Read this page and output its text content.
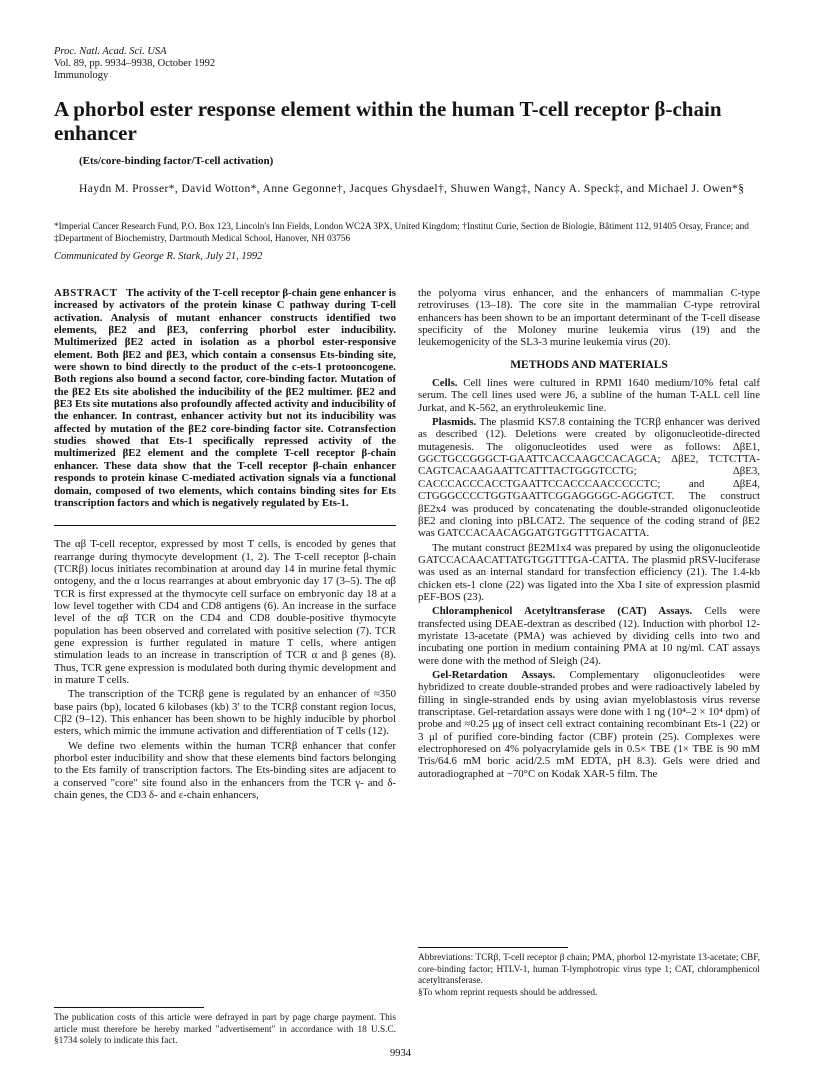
Proc. Natl. Acad. Sci. USA
Vol. 89, pp. 9934–9938, October 1992
Immunology
A phorbol ester response element within the human T-cell receptor β-chain enhancer
(Ets/core-binding factor/T-cell activation)
Haydn M. Prosser*, David Wotton*, Anne Gegonne†, Jacques Ghysdael†, Shuwen Wang‡, Nancy A. Speck‡, and Michael J. Owen*§
*Imperial Cancer Research Fund, P.O. Box 123, Lincoln's Inn Fields, London WC2A 3PX, United Kingdom; †Institut Curie, Section de Biologie, Bâtiment 112, 91405 Orsay, France; and ‡Department of Biochemistry, Dartmouth Medical School, Hanover, NH 03756
Communicated by George R. Stark, July 21, 1992

ABSTRACT The activity of the T-cell receptor β-chain gene enhancer is increased by activators of the protein kinase C pathway during T-cell activation. Analysis of mutant enhancer constructs identified two elements, βE2 and βE3, conferring phorbol ester inducibility. Multimerized βE2 acted in isolation as a phorbol ester-responsive element. Both βE2 and βE3, which contain a consensus Ets-binding site, were shown to bind directly to the product of the c-ets-1 protooncogene. Both regions also bound a second factor, core-binding factor. Mutation of the βE2 Ets site abolished the inducibility of the βE2 multimer. βE2 and βE3 Ets site mutations also profoundly affected activity and inducibility of the enhancer. In contrast, enhancer activity but not its inducibility was affected by mutation of the βE2 core-binding factor site. Cotransfection studies showed that Ets-1 specifically repressed activity of the multimerized βE2 element and the complete T-cell receptor β-chain enhancer. These data show that the T-cell receptor β-chain enhancer responds to protein kinase C-mediated activation signals via a functional domain, composed of two elements, which contains binding sites for Ets transcription factors and which is negatively regulated by Ets-1.

The αβ T-cell receptor, expressed by most T cells, is encoded by genes that rearrange during thymocyte development (1, 2). The T-cell receptor β-chain (TCRβ) locus initiates recombination at around day 14 in murine fetal thymic ontogeny, and the α locus rearranges at about embryonic day 17 (3–5). The αβ TCR is first expressed at the thymocyte cell surface on embryonic day 18 at a low level together with CD4 and CD8 antigens (6). An increase in the surface level of the αβ TCR on the CD4 and CD8 double-positive thymocyte population has been observed and correlated with positive selection (7). TCR gene expression is further regulated in mature T cells, where antigen stimulation leads to an increase in transcription of TCR α and β genes (8). Thus, TCR gene expression is modulated both during thymic development and in mature T cells.

The transcription of the TCRβ gene is regulated by an enhancer of ≈350 base pairs (bp), located 6 kilobases (kb) 3′ to the TCRβ constant region locus, Cβ2 (9–12). This enhancer has been shown to be highly inducible by phorbol esters, which mimic the immune activation and differentiation of T cells (12).

We define two elements within the human TCRβ enhancer that confer phorbol ester inducibility and show that these elements bind factors belonging to the Ets family of transcription factors. The Ets-binding sites are adjacent to a conserved "core" site found also in the enhancers from the TCR γ- and δ-chain genes, the CD3 δ- and ε-chain enhancers,

the polyoma virus enhancer, and the enhancers of mammalian C-type retroviruses (13–18). The core site in the mammalian C-type retroviral enhancers has been shown to be an important determinant of the T-cell disease specificity of the Moloney murine leukemia virus (19) and the leukemogenicity of the SL3-3 murine leukemia virus (20).

METHODS AND MATERIALS

Cells. Cell lines were cultured in RPMI 1640 medium/10% fetal calf serum. The cell lines used were J6, a subline of the human T-ALL cell line Jurkat, and K-562, an erythroleukemic line.

Plasmids. The plasmid KS7.8 containing the TCRβ enhancer was derived as described (12). Deletions were created by oligonucleotide-directed mutagenesis. The oligonucleotides used were as follows: ΔβE1, GGCTGCCGGGCT-GAATTCACCAAGCCACAGCA; ΔβE2, TCTCTTA-CAGTCACAAGAATTCATTTACTGGGTCCTG; ΔβE3, CACCCACCCACCTGAATTCCACCCAACCCCCTC; and ΔβE4, CTGGGCCCCTGGTGAATTCGGAGGGGC-AGGGTCT. The construct βE2x4 was produced by concatenating the double-stranded oligonucleotide βE2 and cloning into pBLCAT2. The sequence of the coding strand of βE2 was GATCCACAACAGGATGTGGTTTGACATTA.

The mutant construct βE2M1x4 was prepared by using the oligonucleotide GATCCACAACATTATGTGGTTTGA-CATTA. The plasmid pRSV-luciferase was used as an internal standard for transfection efficiency (21). The 1.4-kb chicken ets-1 clone (22) was ligated into the Xba I site of expression plasmid pEF-BOS (23).

Chloramphenicol Acetyltransferase (CAT) Assays. Cells were transfected using DEAE-dextran as described (12). Induction with phorbol 12-myristate 13-acetate (PMA) was achieved by dividing cells into two and incubating one portion in medium containing PMA at 10 ng/ml. CAT assays were done with the method of Sleigh (24).

Gel-Retardation Assays. Complementary oligonucleotides were hybridized to create double-stranded probes and were radioactively labeled by filling in single-stranded ends by using avian myeloblastosis virus reverse transcriptase. Gel-retardation assays were done with 1 ng (10⁴–2 × 10⁴ dpm) of probe and ≈0.25 μg of insect cell extract containing recombinant Ets-1 (22) or 3 μl of purified core-binding factor (CBF) protein (25). Complexes were electrophoresed on 4% polyacrylamide gels in 0.5× TBE (1× TBE is 90 mM Tris/64.6 mM boric acid/2.5 mM EDTA, pH 8.3). Gels were dried and autoradiographed at −70°C on Kodak XAR-5 film. The

The publication costs of this article were defrayed in part by page charge payment. This article must therefore be hereby marked "advertisement" in accordance with 18 U.S.C. §1734 solely to indicate this fact.
Abbreviations: TCRβ, T-cell receptor β chain; PMA, phorbol 12-myristate 13-acetate; CBF, core-binding factor; HTLV-1, human T-lymphotropic virus type 1; CAT, chloramphenicol acetyltransferase.
§To whom reprint requests should be addressed.
9934
